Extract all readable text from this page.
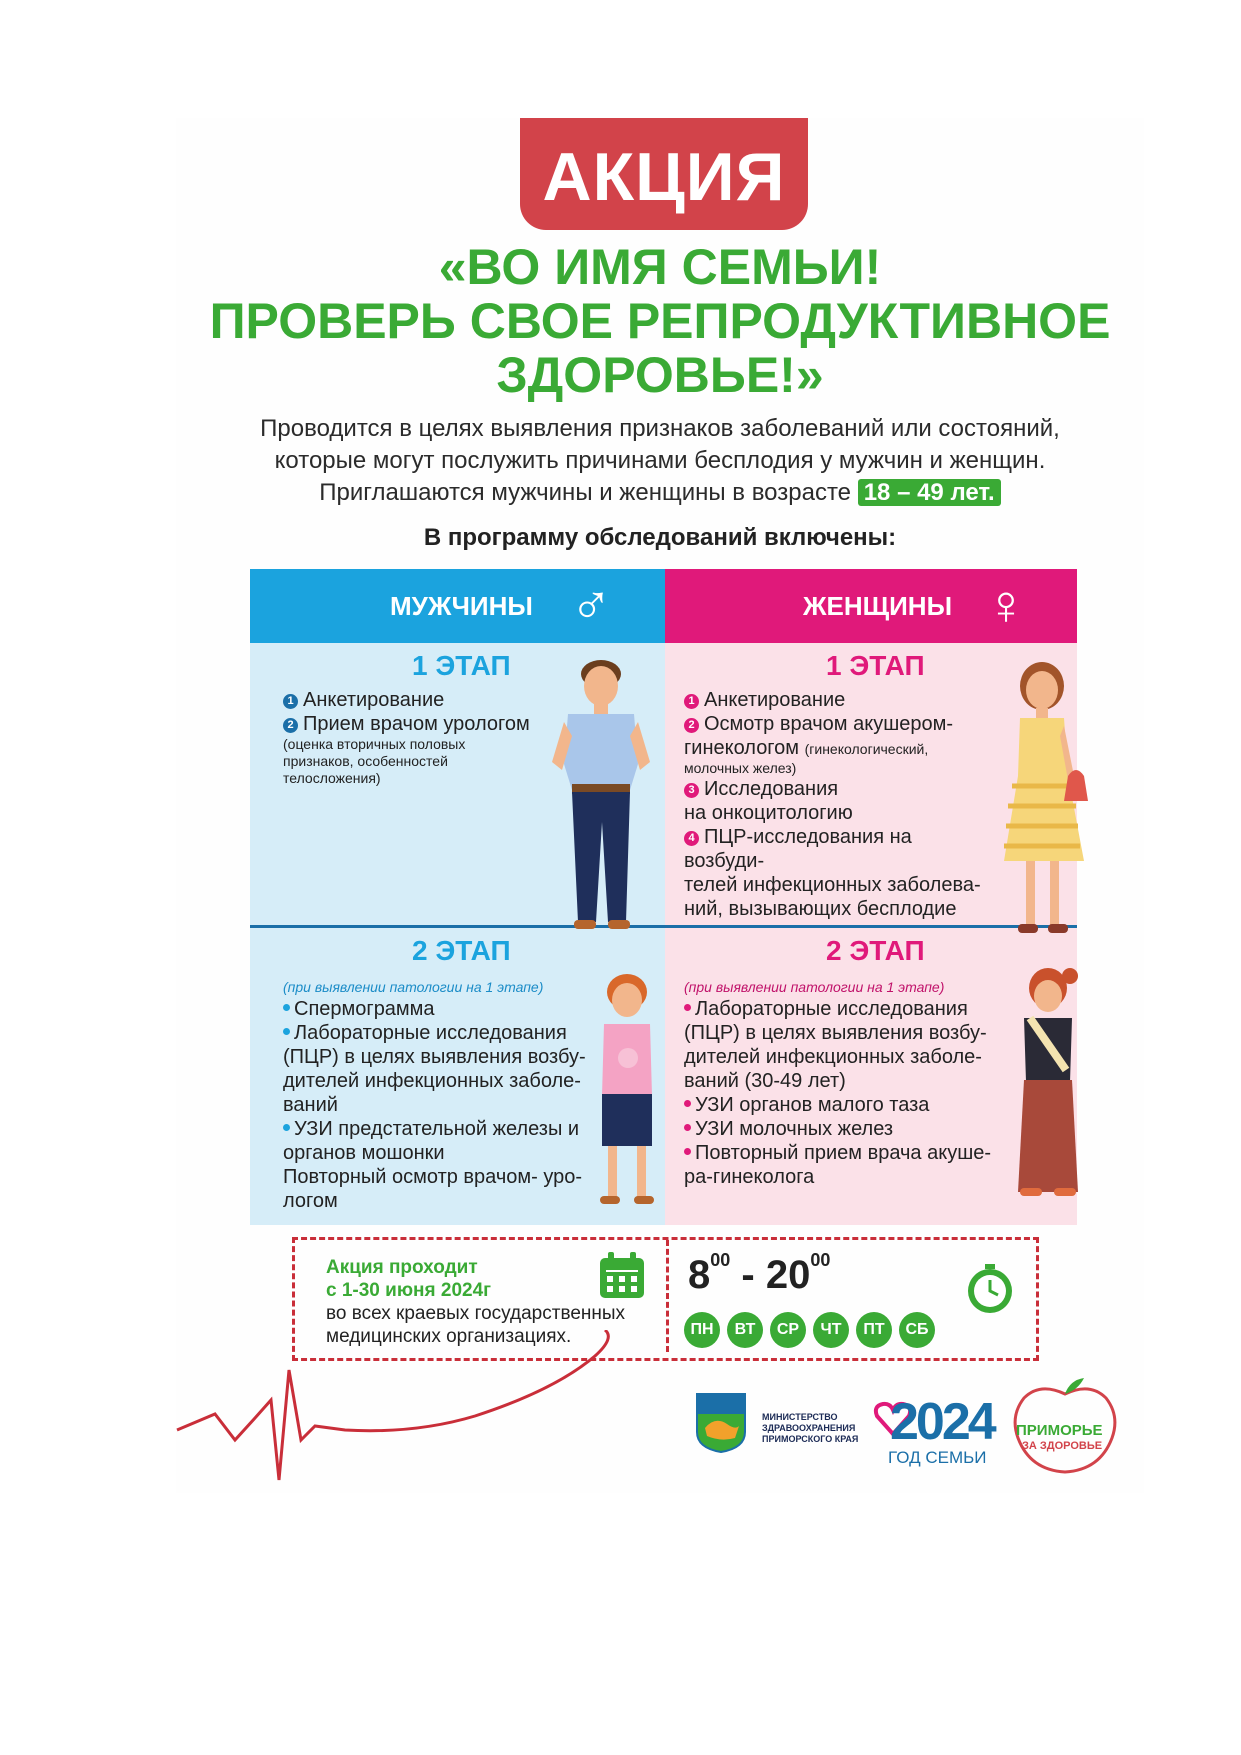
АКЦИЯ
«ВО ИМЯ СЕМЬИ!
ПРОВЕРЬ СВОЕ РЕПРОДУКТИВНОЕ
ЗДОРОВЬЕ!»
Проводится в целях выявления признаков заболеваний или состояний,
которые могут послужить причинами бесплодия у мужчин и женщин.
Приглашаются мужчины и женщины в возрасте 18 – 49 лет.
В программу обследований включены:
МУЖЧИНЫ ♂	ЖЕНЩИНЫ ♀
1 ЭТАП
1 Анкетирование
2 Прием врачом урологом
(оценка вторичных половых
признаков, особенностей
телосложения)
1 ЭТАП
1 Анкетирование
2 Осмотр врачом акушером-
гинекологом (гинекологический,
молочных желез)
3 Исследования
на онкоцитологию
4 ПЦР-исследования на возбуди-
телей инфекционных заболева-
ний, вызывающих бесплодие
2 ЭТАП
(при выявлении патологии на 1 этапе)
Спермограмма
Лабораторные исследования
(ПЦР) в целях выявления возбу-
дителей инфекционных заболе-
ваний
УЗИ предстательной железы и
органов мошонки
Повторный осмотр врачом- уро-
логом
2 ЭТАП
(при выявлении патологии на 1 этапе)
Лабораторные исследования
(ПЦР) в целях выявления возбу-
дителей инфекционных заболе-
ваний (30-49 лет)
УЗИ органов малого таза
УЗИ молочных желез
Повторный прием врача акуше-
ра-гинеколога
Акция проходит
с 1-30 июня 2024г
во всех краевых государственных
медицинских организациях.
$8^{00} - 20^{00}$
ПН ВТ СР ЧТ ПТ СБ
МИНИСТЕРСТВО
ЗДРАВООХРАНЕНИЯ
ПРИМОРСКОГО КРАЯ 2024
ГОД СЕМЬИ
ПРИМОРЬЕ
ЗА ЗДОРОВЬЕ
